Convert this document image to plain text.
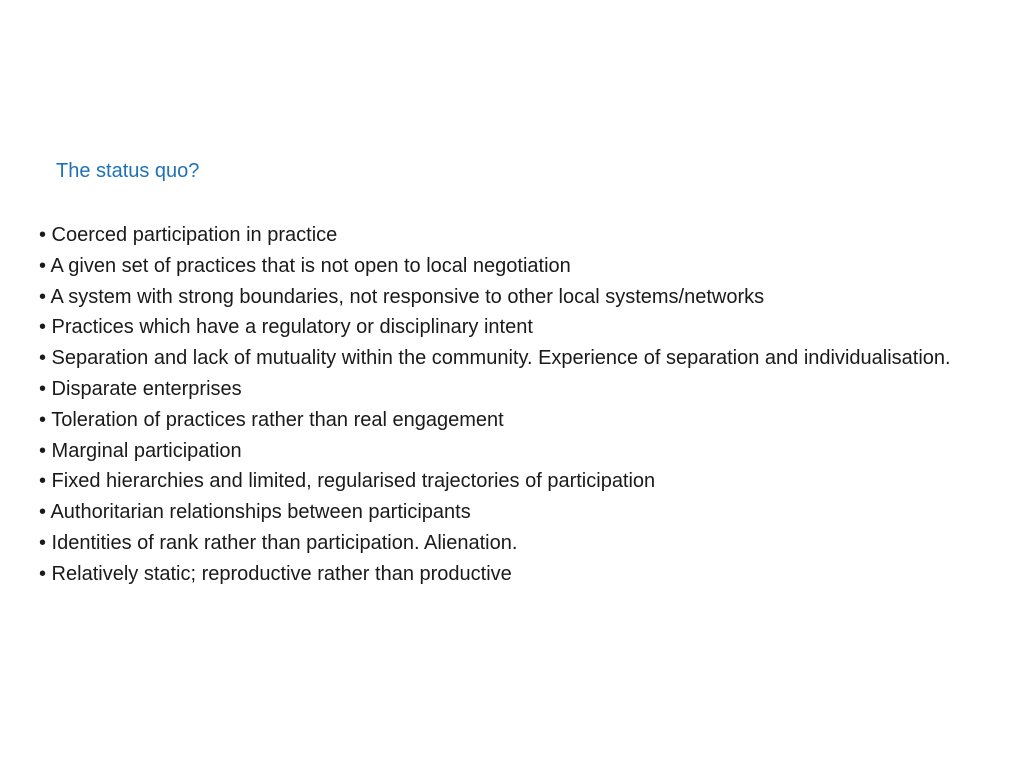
The status quo?
• Coerced participation in practice
• A given set of practices that is not open to local negotiation
• A system with strong boundaries, not responsive to other local systems/networks
• Practices which have a regulatory or disciplinary intent
• Separation and lack of mutuality within the community. Experience of separation and individualisation.
• Disparate enterprises
• Toleration of practices rather than real engagement
• Marginal participation
• Fixed hierarchies and limited, regularised trajectories of participation
• Authoritarian relationships between participants
• Identities of rank rather than participation. Alienation.
• Relatively static; reproductive rather than productive
